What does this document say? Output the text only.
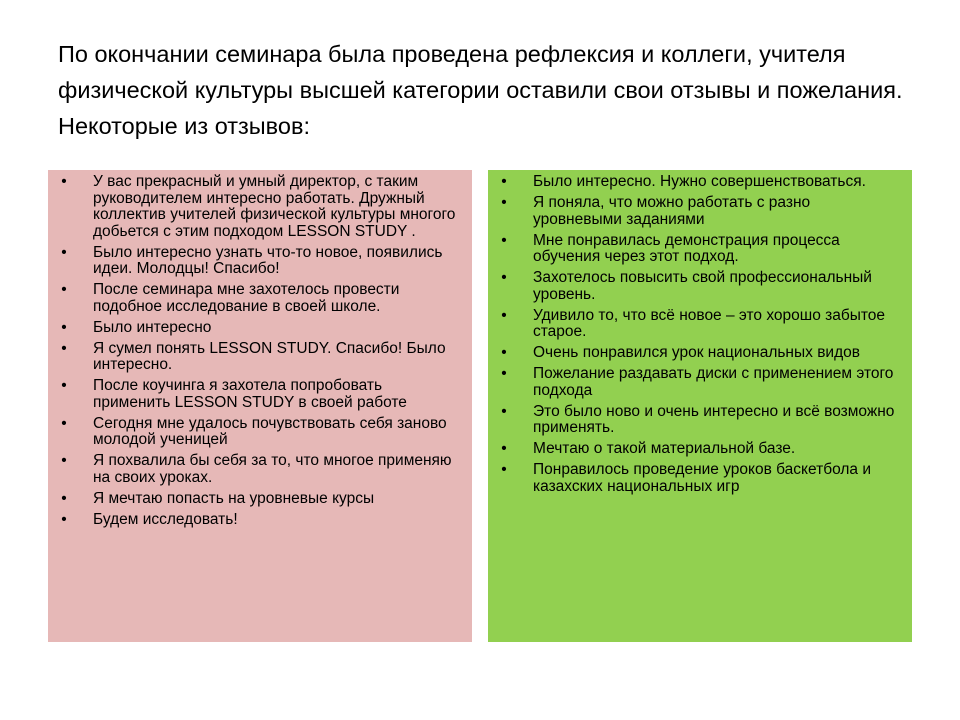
По окончании семинара была проведена рефлексия и коллеги, учителя физической культуры высшей категории оставили свои отзывы и пожелания. Некоторые из отзывов:
• У вас прекрасный и умный директор, с таким руководителем интересно работать. Дружный коллектив учителей физической культуры многого добьется с этим подходом LESSON STUDY .
• Было интересно узнать что-то новое, появились идеи. Молодцы! Спасибо!
• После семинара мне захотелось провести подобное исследование в своей школе.
• Было интересно
• Я сумел понять LESSON STUDY. Спасибо! Было интересно.
• После коучинга я захотела попробовать применить LESSON STUDY в своей работе
• Сегодня мне удалось почувствовать себя заново молодой ученицей
• Я похвалила бы себя за то, что многое применяю на своих уроках.
• Я мечтаю попасть на уровневые курсы
• Будем исследовать!
• Было интересно. Нужно совершенствоваться.
• Я поняла, что можно работать с разно уровневыми заданиями
• Мне понравилась демонстрация процесса обучения через этот подход.
• Захотелось повысить свой профессиональный уровень.
• Удивило то, что всё новое – это хорошо забытое старое.
• Очень понравился урок национальных видов
• Пожелание раздавать диски с применением этого подхода
• Это было ново и очень интересно и всё возможно применять.
• Мечтаю о такой материальной базе.
• Понравилось проведение уроков баскетбола и казахских национальных игр
